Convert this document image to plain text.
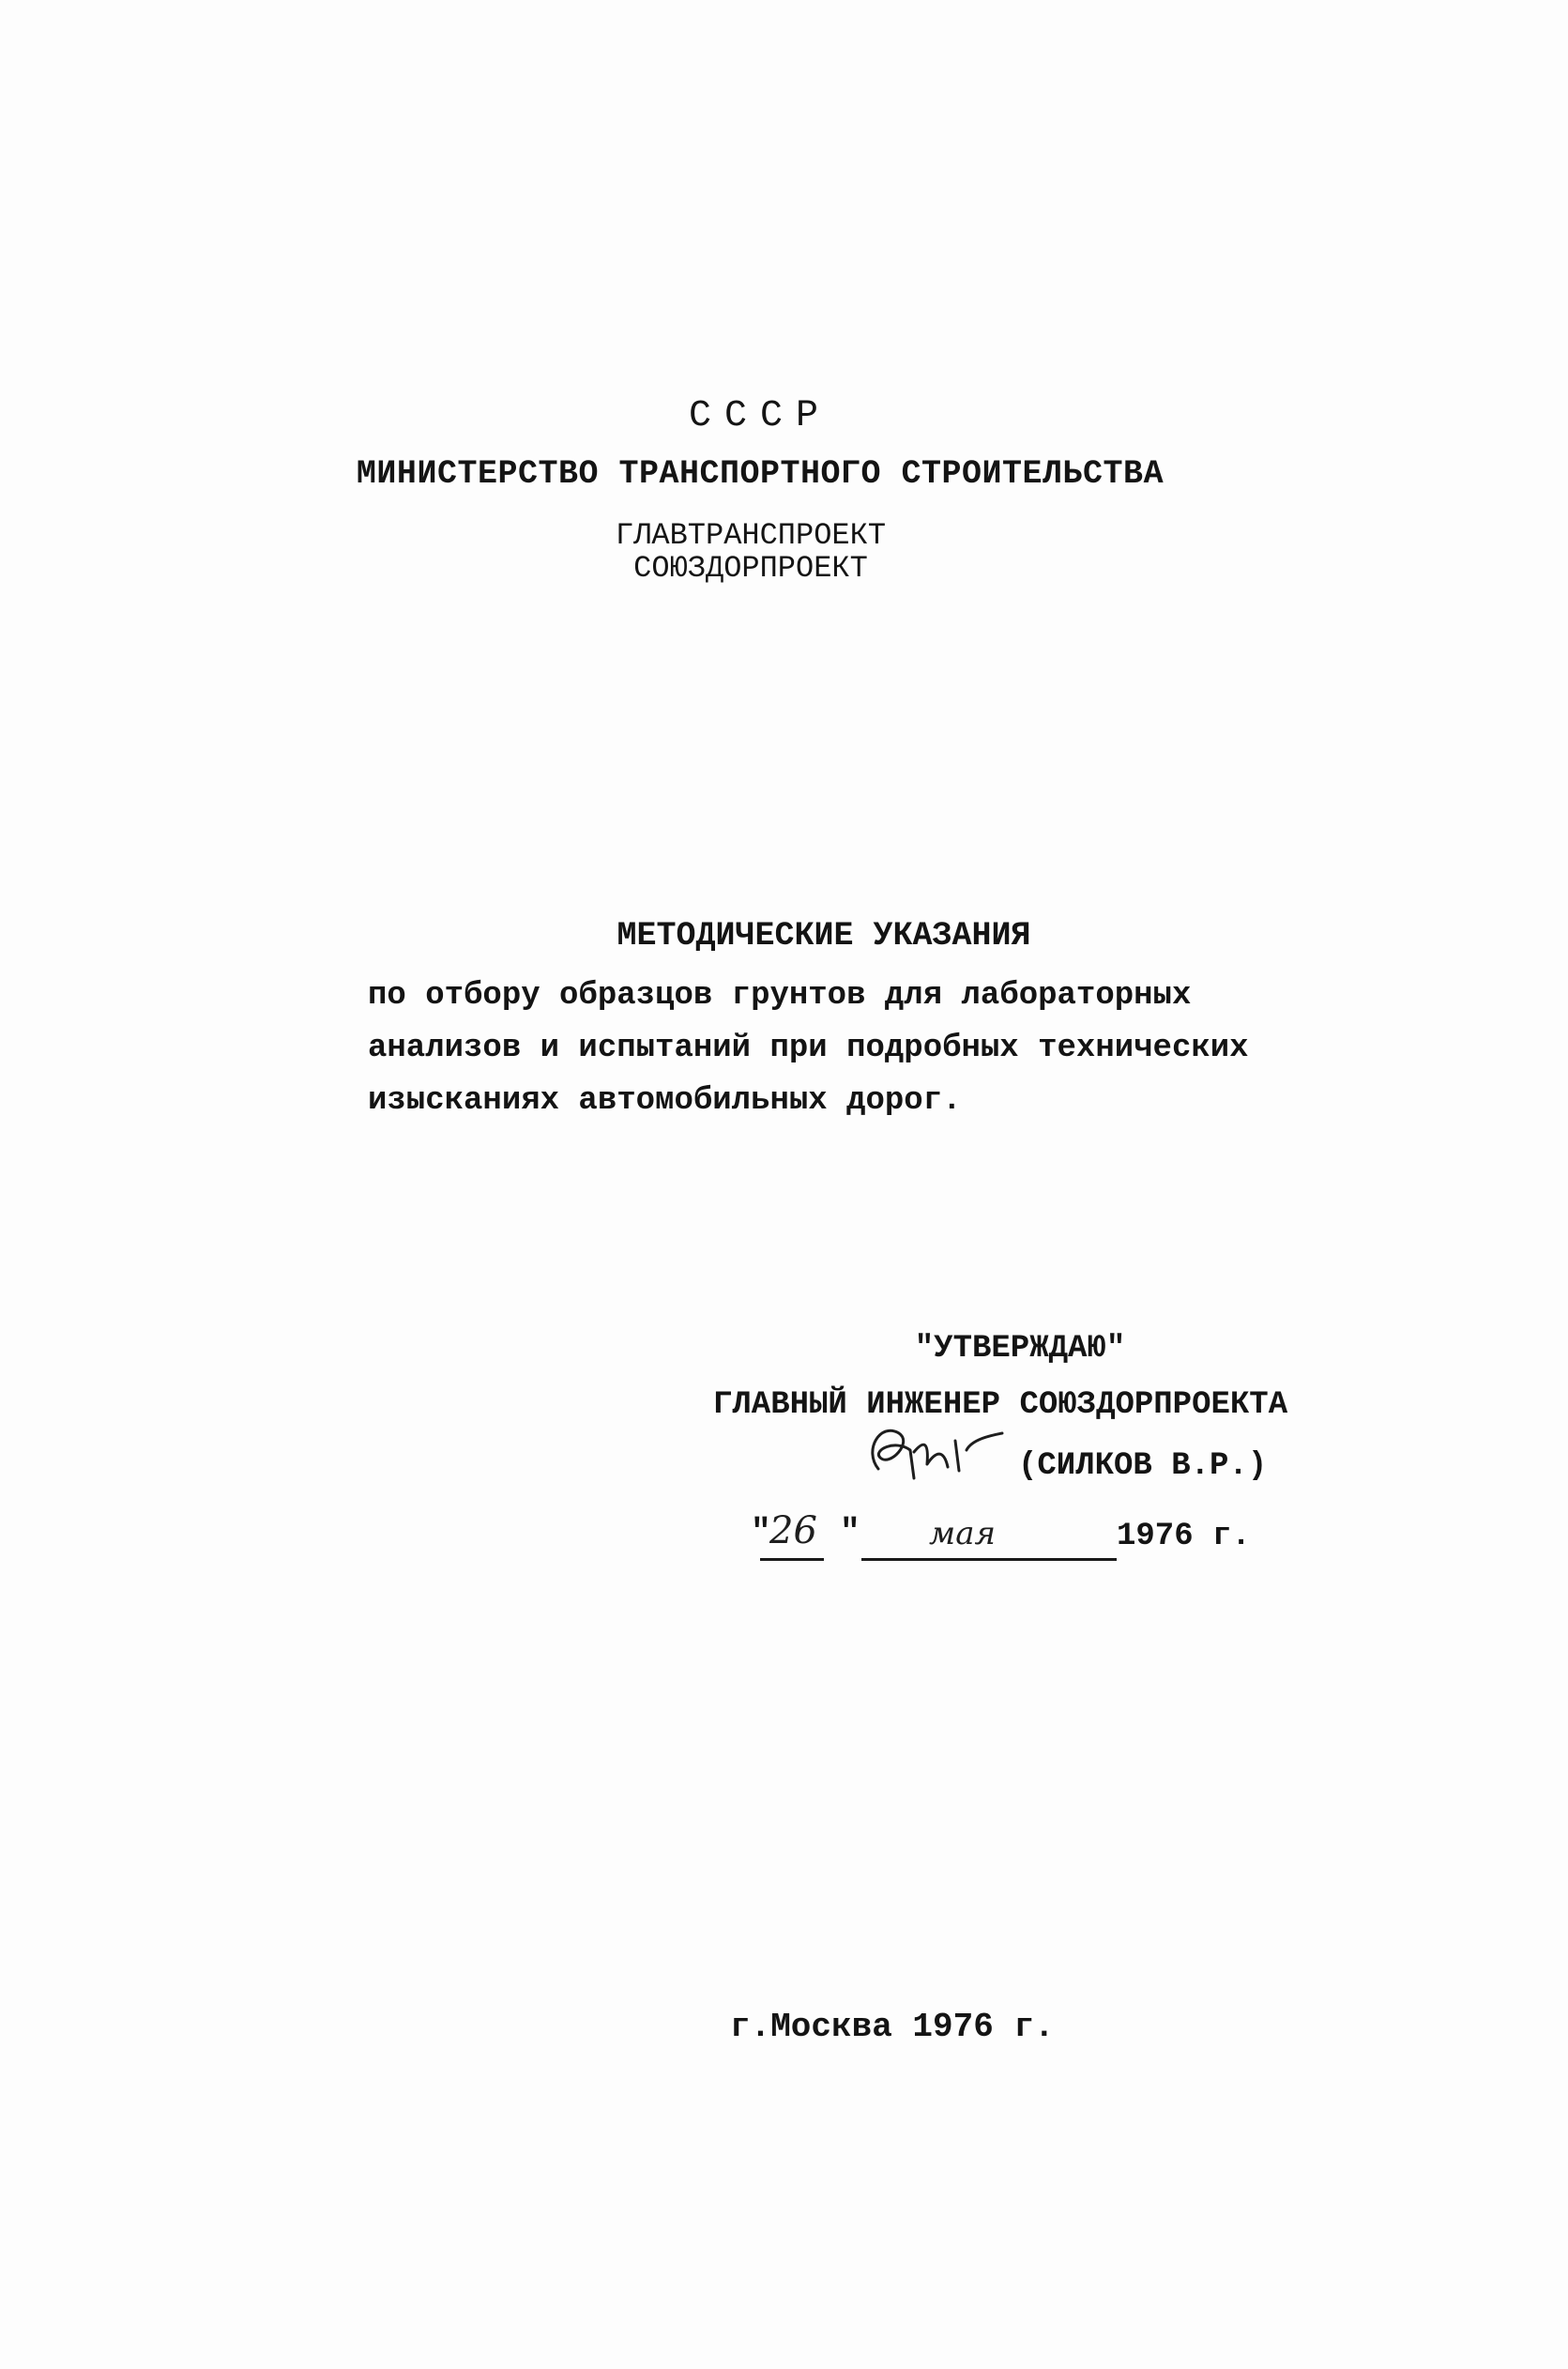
СССР
МИНИСТЕРСТВО ТРАНСПОРТНОГО СТРОИТЕЛЬСТВА
ГЛАВТРАНСПРОЕКТ
СОЮЗДОРПРОЕКТ
МЕТОДИЧЕСКИЕ УКАЗАНИЯ
по отбору образцов грунтов для лабораторных
анализов и испытаний при подробных технических
изысканиях автомобильных дорог.
"УТВЕРЖДАЮ"
ГЛАВНЫЙ ИНЖЕНЕР СОЮЗДОРПРОЕКТА
(СИЛКОВ В.Р.)
"
26 " мая	1976 г.
г.Москва 1976 г.
